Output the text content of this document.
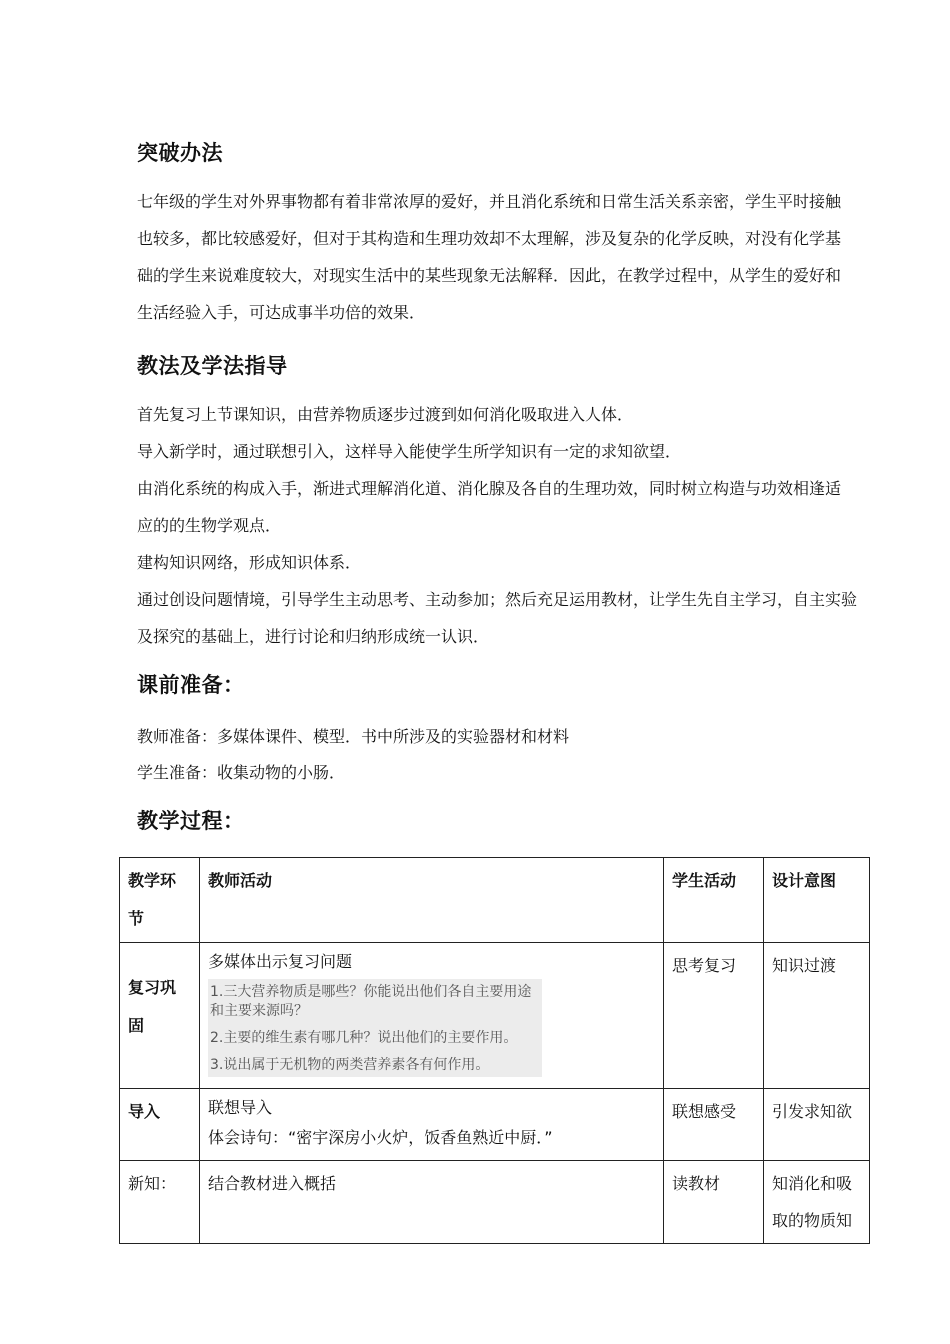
突破办法
七年级的学生对外界事物都有着非常浓厚的爱好，并且消化系统和日常生活关系亲密，学生平时接触
也较多，都比较感爱好，但对于其构造和生理功效却不太理解，涉及复杂的化学反映，对没有化学基
础的学生来说难度较大，对现实生活中的某些现象无法解释．因此，在教学过程中，从学生的爱好和
生活经验入手，可达成事半功倍的效果．
教法及学法指导
首先复习上节课知识，由营养物质逐步过渡到如何消化吸取进入人体．
导入新学时，通过联想引入，这样导入能使学生所学知识有一定的求知欲望．
由消化系统的构成入手，渐进式理解消化道、消化腺及各自的生理功效，同时树立构造与功效相逢适
应的的生物学观点．
建构知识网络，形成知识体系．
通过创设问题情境，引导学生主动思考、主动参加；然后充足运用教材，让学生先自主学习，自主实验
及探究的基础上，进行讨论和归纳形成统一认识．
课前准备：
教师准备：多媒体课件、模型．书中所涉及的实验器材和材料
学生准备：收集动物的小肠．
教学过程：
教学环节	教师活动	学生活动	设计意图
复习巩固	多媒体出示复习问题
1.三大营养物质是哪些？你能说出他们各自主要用途和主要来源吗？
2.主要的维生素有哪几种？说出他们的主要作用。
3.说出属于无机物的两类营养素各有何作用。	思考复习	知识过渡
导入	联想导入
体会诗句：“密宇深房小火炉，饭香鱼熟近中厨．”	联想感受	引发求知欲
新知：	结合教材进入概括	读教材	知消化和吸取的物质知
